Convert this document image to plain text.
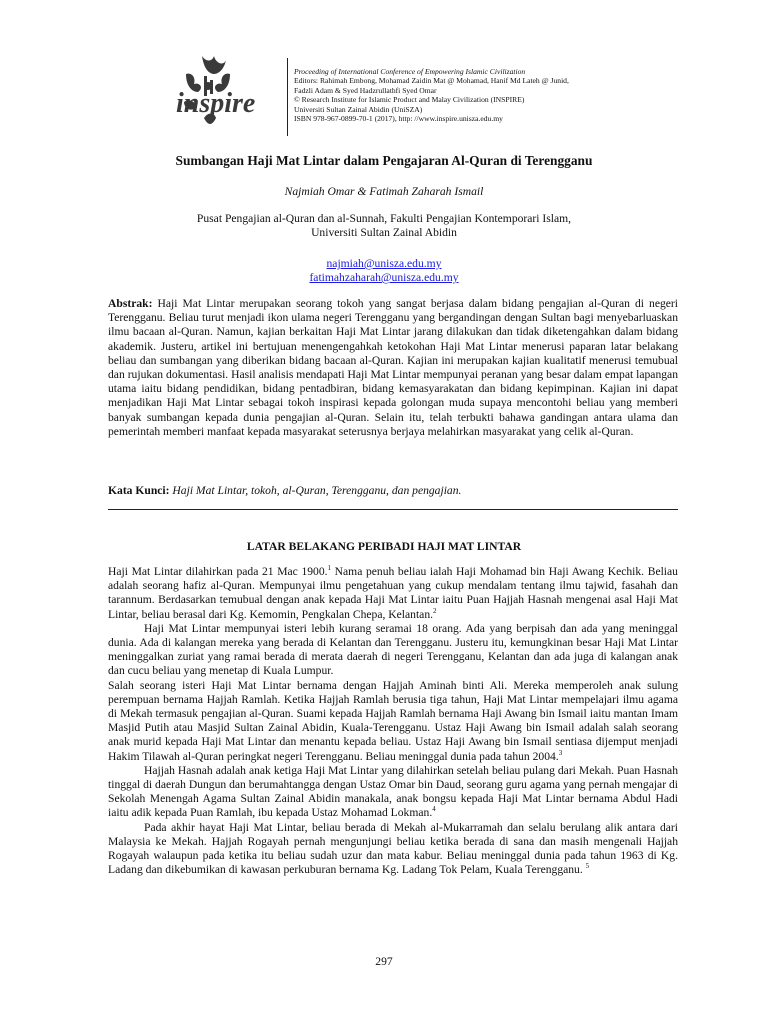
inspire
Proceeding of International Conference of Empowering Islamic Civilization
Editors: Rahimah Embong, Mohamad Zaidin Mat @ Mohamad, Hanif Md Lateh @ Junid,
Fadzli Adam & Syed Hadzrullathfi Syed Omar
© Research Institute for Islamic Product and Malay Civilization (INSPIRE)
Universiti Sultan Zainal Abidin (UniSZA)
ISBN 978-967-0899-70-1 (2017), http: //www.inspire.unisza.edu.my
Sumbangan Haji Mat Lintar dalam Pengajaran Al-Quran di Terengganu
Najmiah Omar & Fatimah Zaharah Ismail
Pusat Pengajian al-Quran dan al-Sunnah, Fakulti Pengajian Kontemporari Islam,
Universiti Sultan Zainal Abidin
najmiah@unisza.edu.my
fatimahzaharah@unisza.edu.my
Abstrak: Haji Mat Lintar merupakan seorang tokoh yang sangat berjasa dalam bidang pengajian al-Quran di negeri Terengganu. Beliau turut menjadi ikon ulama negeri Terengganu yang bergandingan dengan Sultan bagi menyebarluaskan ilmu bacaan al-Quran. Namun, kajian berkaitan Haji Mat Lintar jarang dilakukan dan tidak diketengahkan dalam bidang akademik. Justeru, artikel ini bertujuan menengengahkah ketokohan Haji Mat Lintar menerusi paparan latar belakang beliau dan sumbangan yang diberikan bidang bacaan al-Quran. Kajian ini merupakan kajian kualitatif menerusi temubual dan rujukan dokumentasi. Hasil analisis mendapati Haji Mat Lintar mempunyai peranan yang besar dalam empat lapangan utama iaitu bidang pendidikan, bidang pentadbiran, bidang kemasyarakatan dan bidang kepimpinan. Kajian ini dapat menjadikan Haji Mat Lintar sebagai tokoh inspirasi kepada golongan muda supaya mencontohi beliau yang memberi banyak sumbangan kepada dunia pengajian al-Quran. Selain itu, telah terbukti bahawa gandingan antara ulama dan pemerintah memberi manfaat kepada masyarakat seterusnya berjaya melahirkan masyarakat yang celik al-Quran.
Kata Kunci: Haji Mat Lintar, tokoh, al-Quran, Terengganu, dan pengajian.
LATAR BELAKANG PERIBADI HAJI MAT LINTAR

Haji Mat Lintar dilahirkan pada 21 Mac 1900.$^1$ Nama penuh beliau ialah Haji Mohamad bin Haji Awang Kechik. Beliau adalah seorang hafiz al-Quran. Mempunyai ilmu pengetahuan yang cukup mendalam tentang ilmu tajwid, fasahah dan tarannum. Berdasarkan temubual dengan anak kepada Haji Mat Lintar iaitu Puan Hajjah Hasnah mengenai asal Haji Mat Lintar, beliau berasal dari Kg. Kemomin, Pengkalan Chepa, Kelantan.$^2$

Haji Mat Lintar mempunyai isteri lebih kurang seramai 18 orang. Ada yang berpisah dan ada yang meninggal dunia. Ada di kalangan mereka yang berada di Kelantan dan Terengganu. Justeru itu, kemungkinan besar Haji Mat Lintar meninggalkan zuriat yang ramai berada di merata daerah di negeri Terengganu, Kelantan dan ada juga di kalangan anak dan cucu beliau yang menetap di Kuala Lumpur.

Salah seorang isteri Haji Mat Lintar bernama dengan Hajjah Aminah binti Ali. Mereka memperoleh anak sulung perempuan bernama Hajjah Ramlah. Ketika Hajjah Ramlah berusia tiga tahun, Haji Mat Lintar mempelajari ilmu agama di Mekah termasuk pengajian al-Quran. Suami kepada Hajjah Ramlah bernama Haji Awang bin Ismail iaitu mantan Imam Masjid Putih atau Masjid Sultan Zainal Abidin, Kuala-Terengganu. Ustaz Haji Awang bin Ismail adalah salah seorang anak murid kepada Haji Mat Lintar dan menantu kepada beliau. Ustaz Haji Awang bin Ismail sentiasa dijemput menjadi Hakim Tilawah al-Quran peringkat negeri Terengganu. Beliau meninggal dunia pada tahun 2004.$^3$

Hajjah Hasnah adalah anak ketiga Haji Mat Lintar yang dilahirkan setelah beliau pulang dari Mekah. Puan Hasnah tinggal di daerah Dungun dan berumahtangga dengan Ustaz Omar bin Daud, seorang guru agama yang pernah mengajar di Sekolah Menengah Agama Sultan Zainal Abidin manakala, anak bongsu kepada Haji Mat Lintar bernama Abdul Hadi iaitu adik kepada Puan Ramlah, ibu kepada Ustaz Mohamad Lokman.$^4$

Pada akhir hayat Haji Mat Lintar, beliau berada di Mekah al-Mukarramah dan selalu berulang alik antara dari Malaysia ke Mekah. Hajjah Rogayah pernah mengunjungi beliau ketika berada di sana dan masih mengenali Hajjah Rogayah walaupun pada ketika itu beliau sudah uzur dan mata kabur. Beliau meninggal dunia pada tahun 1963 di Kg. Ladang dan dikebumikan di kawasan perkuburan bernama Kg. Ladang Tok Pelam, Kuala Terengganu. $^5$

297
